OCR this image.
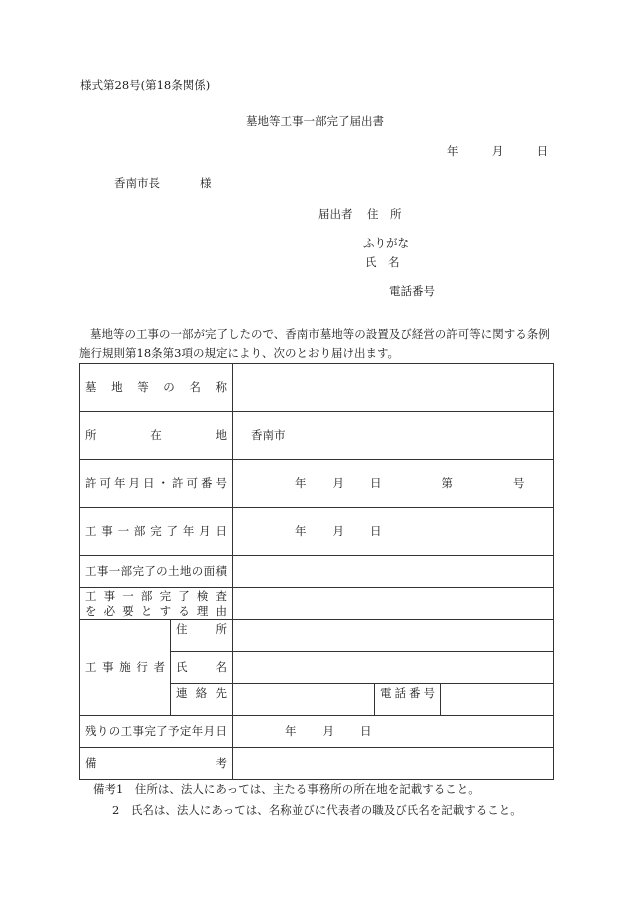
様式第28号(第18条関係)
墓地等工事一部完了届出書
年	月	日
香南市長	様
届出者 住　所
ふりがな
氏　名
電話番号
墓地等の工事の一部が完了したので、香南市墓地等の設置及び経営の許可等に関する条例施行規則第18条第3項の規定により、次のとおり届け出ます。
墓地等の名称				

所在地		香南市		

許可年月日・許可番号		年 月 日 第 号		

工事一部完了年月日		年 月 日		

工事一部完了の土地の面積				

工事一部完了検査
を必要とする理由				

工事施行者	住　所			

	氏　名			

	連絡先		電話番号	

残りの工事完了予定年月日		年 月 日		

備考				

備考1　住所は、法人にあっては、主たる事務所の所在地を記載すること。
2　氏名は、法人にあっては、名称並びに代表者の職及び氏名を記載すること。
